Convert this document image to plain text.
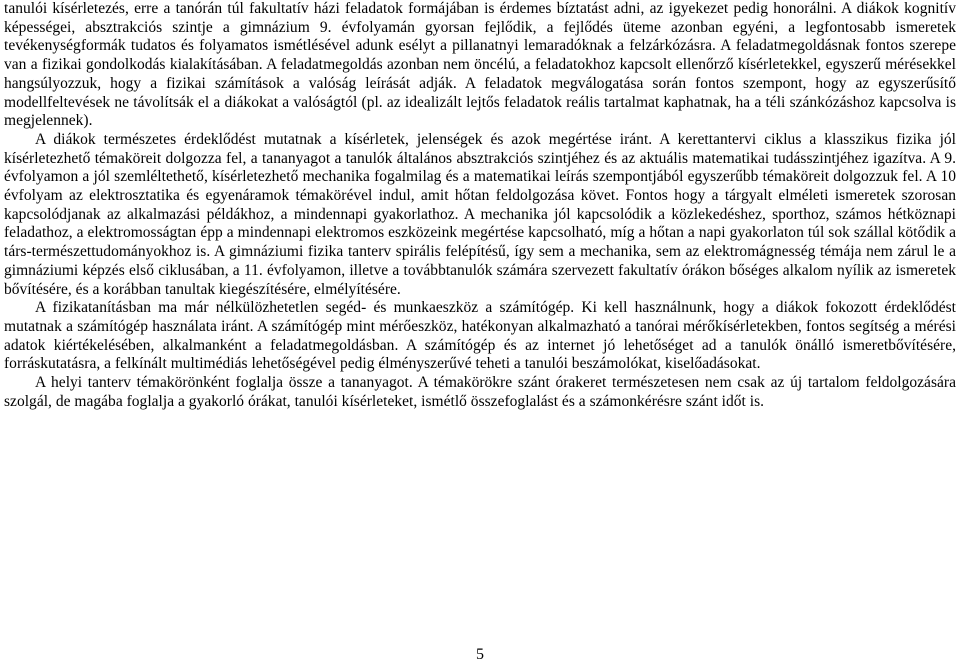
tanulói kísérletezés, erre a tanórán túl fakultatív házi feladatok formájában is érdemes bíztatást adni, az igyekezet pedig honorálni. A diákok kognitív képességei, absztrakciós szintje a gimnázium 9. évfolyamán gyorsan fejlődik, a fejlődés üteme azonban egyéni, a legfontosabb ismeretek tevékenységformák tudatos és folyamatos ismétlésével adunk esélyt a pillanatnyi lemaradóknak a felzárkózásra. A feladatmegoldásnak fontos szerepe van a fizikai gondolkodás kialakításában. A feladatmegoldás azonban nem öncélú, a feladatokhoz kapcsolt ellenőrző kísérletekkel, egyszerű mérésekkel hangsúlyozzuk, hogy a fizikai számítások a valóság leírását adják. A feladatok megválogatása során fontos szempont, hogy az egyszerűsítő modellfeltevések ne távolítsák el a diákokat a valóságtól (pl. az idealizált lejtős feladatok reális tartalmat kaphatnak, ha a téli szánkózáshoz kapcsolva is megjelennek).

A diákok természetes érdeklődést mutatnak a kísérletek, jelenségek és azok megértése iránt. A kerettantervi ciklus a klasszikus fizika jól kísérletezhető témaköreit dolgozza fel, a tananyagot a tanulók általános absztrakciós szintjéhez és az aktuális matematikai tudásszintjéhez igazítva. A 9. évfolyamon a jól szemléltethető, kísérletezhető mechanika fogalmilag és a matematikai leírás szempontjából egyszerűbb témaköreit dolgozzuk fel. A 10 évfolyam az elektrosztatika és egyenáramok témakörével indul, amit hőtan feldolgozása követ. Fontos hogy a tárgyalt elméleti ismeretek szorosan kapcsolódjanak az alkalmazási példákhoz, a mindennapi gyakorlathoz. A mechanika jól kapcsolódik a közlekedéshez, sporthoz, számos hétköznapi feladathoz, a elektromosságtan épp a mindennapi elektromos eszközeink megértése kapcsolható, míg a hőtan a napi gyakorlaton túl sok szállal kötődik a társ-természettudományokhoz is. A gimnáziumi fizika tanterv spirális felépítésű, így sem a mechanika, sem az elektromágnesség témája nem zárul le a gimnáziumi képzés első ciklusában, a 11. évfolyamon, illetve a továbbtanulók számára szervezett fakultatív órákon bőséges alkalom nyílik az ismeretek bővítésére, és a korábban tanultak kiegészítésére, elmélyítésére.

A fizikatanításban ma már nélkülözhetetlen segéd- és munkaeszköz a számítógép. Ki kell használnunk, hogy a diákok fokozott érdeklődést mutatnak a számítógép használata iránt. A számítógép mint mérőeszköz, hatékonyan alkalmazható a tanórai mérőkísérletekben, fontos segítség a mérési adatok kiértékelésében, alkalmanként a feladatmegoldásban. A számítógép és az internet jó lehetőséget ad a tanulók önálló ismeretbővítésére, forráskutatásra, a felkínált multimédiás lehetőségével pedig élményszerűvé teheti a tanulói beszámolókat, kiselőadásokat.

A helyi tanterv témakörönként foglalja össze a tananyagot. A témakörökre szánt órakeret természetesen nem csak az új tartalom feldolgozására szolgál, de magába foglalja a gyakorló órákat, tanulói kísérleteket, ismétlő összefoglalást és a számonkérésre szánt időt is.

5
